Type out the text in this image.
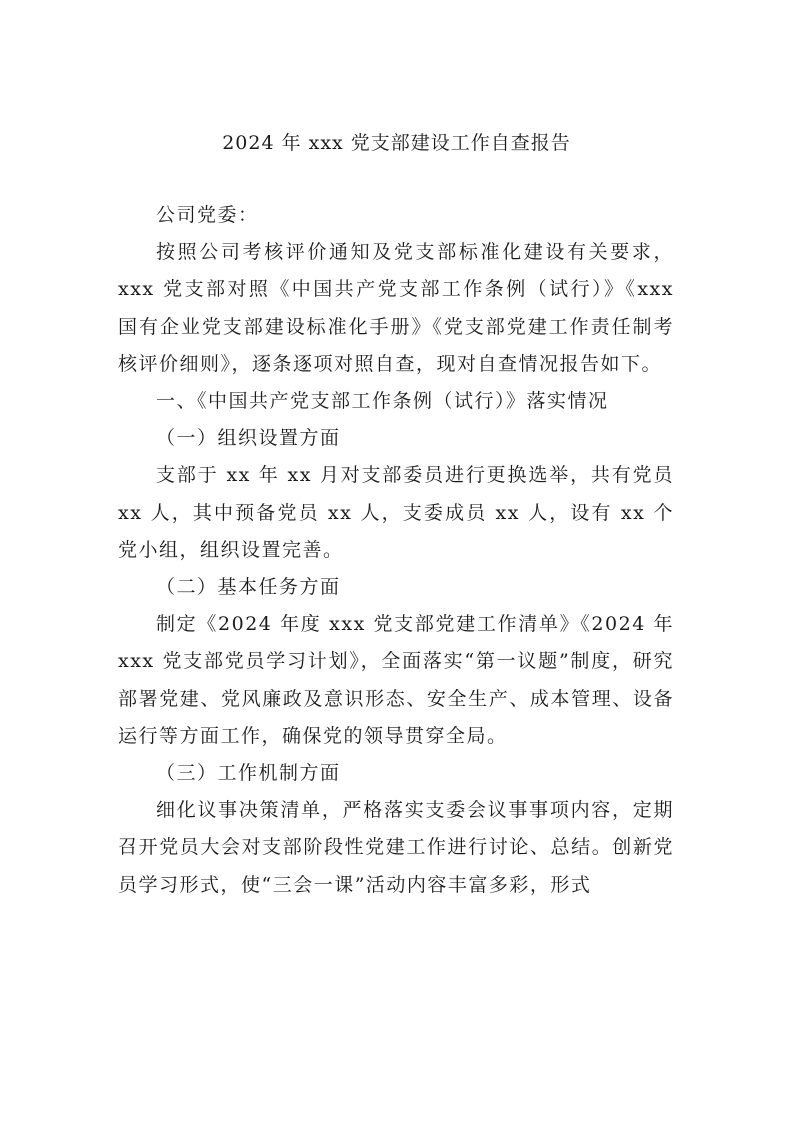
2024 年 xxx 党支部建设工作自查报告

公司党委：

按照公司考核评价通知及党支部标准化建设有关要求，xxx 党支部对照《中国共产党支部工作条例（试行）》《xxx 国有企业党支部建设标准化手册》《党支部党建工作责任制考核评价细则》，逐条逐项对照自查，现对自查情况报告如下。

一、《中国共产党支部工作条例（试行）》落实情况

（一）组织设置方面

支部于 xx 年 xx 月对支部委员进行更换选举，共有党员 xx 人，其中预备党员 xx 人，支委成员 xx 人，设有 xx 个党小组，组织设置完善。

（二）基本任务方面

制定《2024 年度 xxx 党支部党建工作清单》《2024 年 xxx 党支部党员学习计划》，全面落实“第一议题”制度，研究部署党建、党风廉政及意识形态、安全生产、成本管理、设备运行等方面工作，确保党的领导贯穿全局。

（三）工作机制方面

细化议事决策清单，严格落实支委会议事事项内容，定期召开党员大会对支部阶段性党建工作进行讨论、总结。创新党员学习形式，使“三会一课”活动内容丰富多彩，形式
